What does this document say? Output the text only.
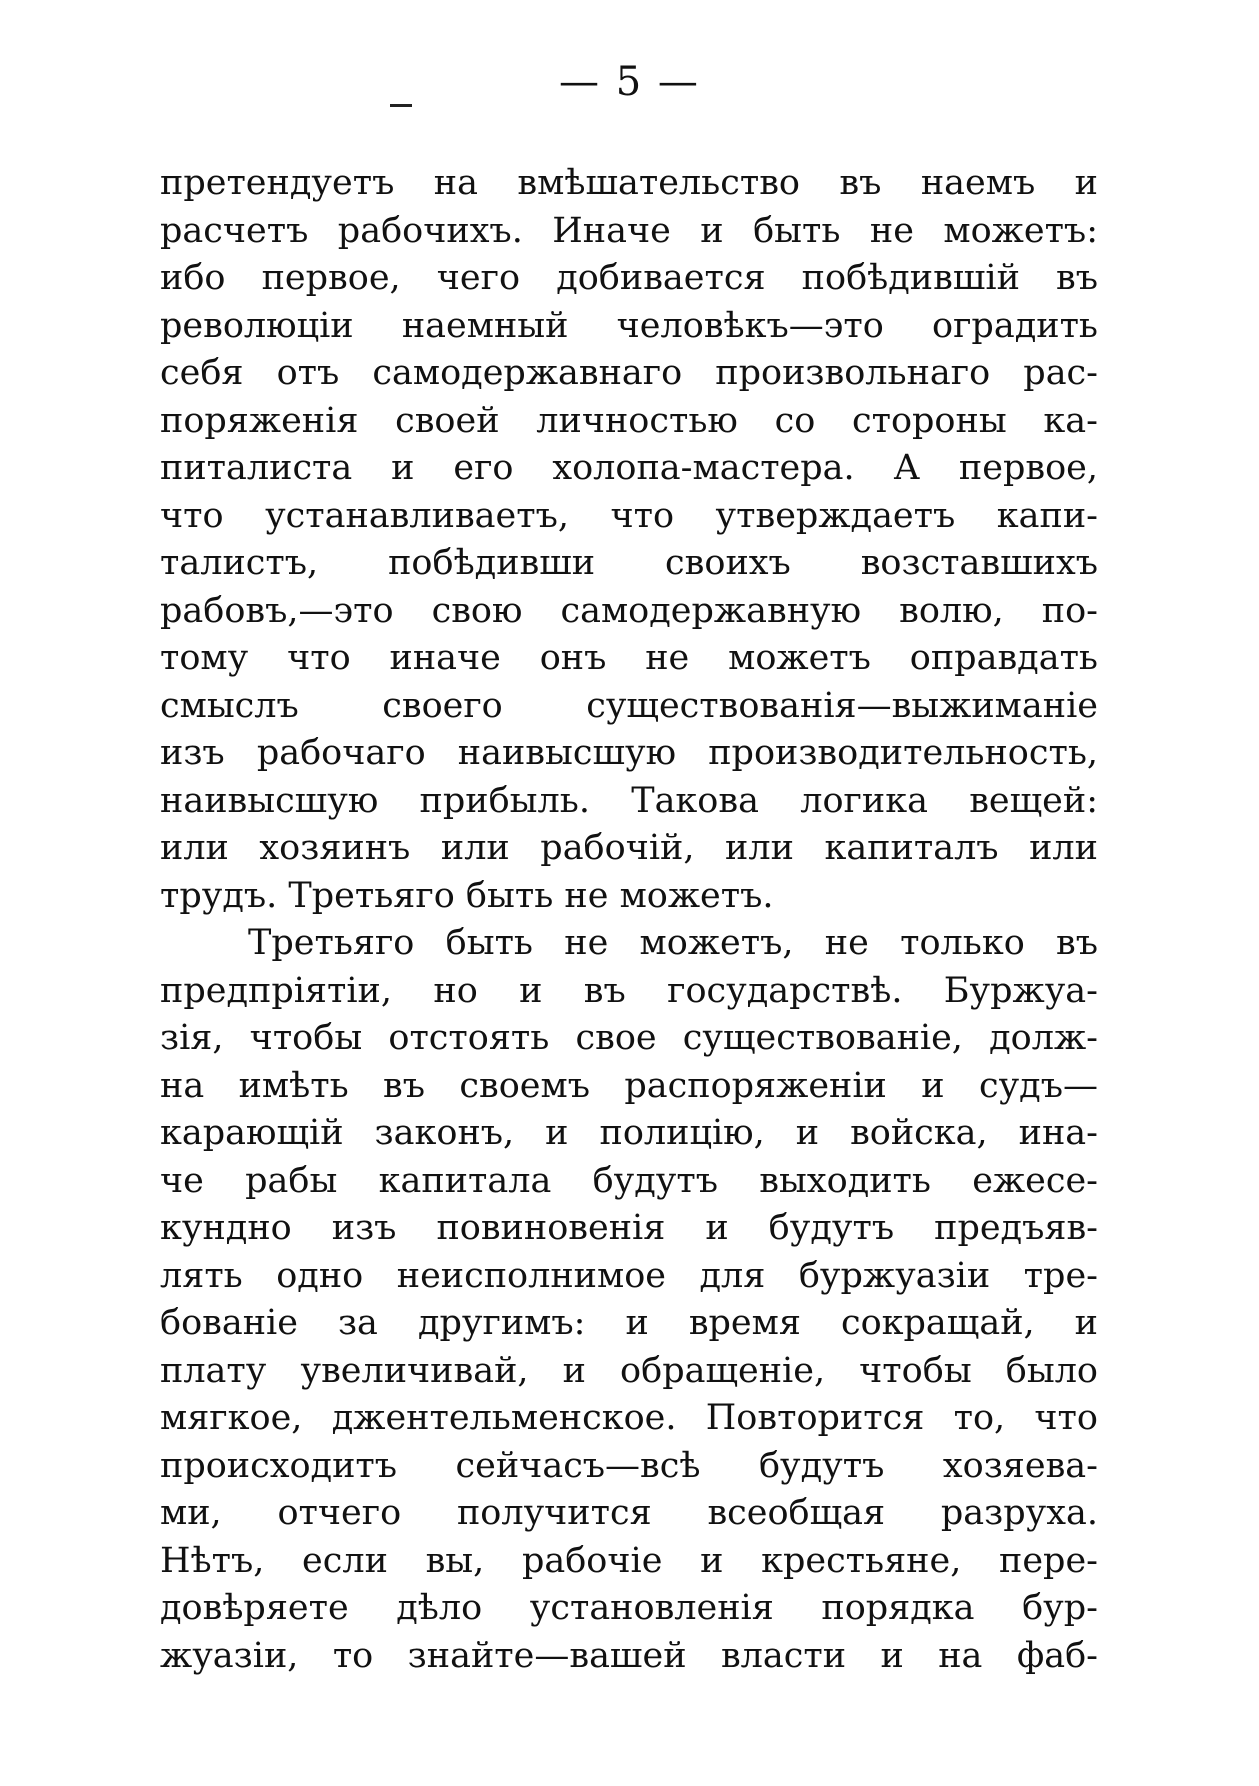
— 5 —
претендуетъ на вмѣшательство въ наемъ и
расчетъ рабочихъ. Иначе и быть не можетъ:
ибо первое, чего добивается побѣдившій въ
революціи наемный человѣкъ—это оградить
себя отъ самодержавнаго произвольнаго рас-
поряженія своей личностью со стороны ка-
питалиста и его холопа-мастера. А первое,
что устанавливаетъ, что утверждаетъ капи-
талистъ, побѣдивши своихъ возставшихъ
рабовъ,—это свою самодержавную волю, по-
тому что иначе онъ не можетъ оправдать
смыслъ своего существованія—выжиманіе
изъ рабочаго наивысшую производительность,
наивысшую прибыль. Такова логика вещей:
или хозяинъ или рабочій, или капиталъ или
трудъ. Третьяго быть не можетъ.
Третьяго быть не можетъ, не только въ
предпріятіи, но и въ государствѣ. Буржуа-
зія, чтобы отстоять свое существованіе, долж-
на имѣть въ своемъ распоряженіи и судъ—
карающій законъ, и полицію, и войска, ина-
че рабы капитала будутъ выходить ежесе-
кундно изъ повиновенія и будутъ предъяв-
лять одно неисполнимое для буржуазіи тре-
бованіе за другимъ: и время сокращай, и
плату увеличивай, и обращеніе, чтобы было
мягкое, джентельменское. Повторится то, что
происходитъ сейчасъ—всѣ будутъ хозяева-
ми, отчего получится всеобщая разруха.
Нѣтъ, если вы, рабочіе и крестьяне, пере-
довѣряете дѣло установленія порядка бур-
жуазіи, то знайте—вашей власти и на фаб-
